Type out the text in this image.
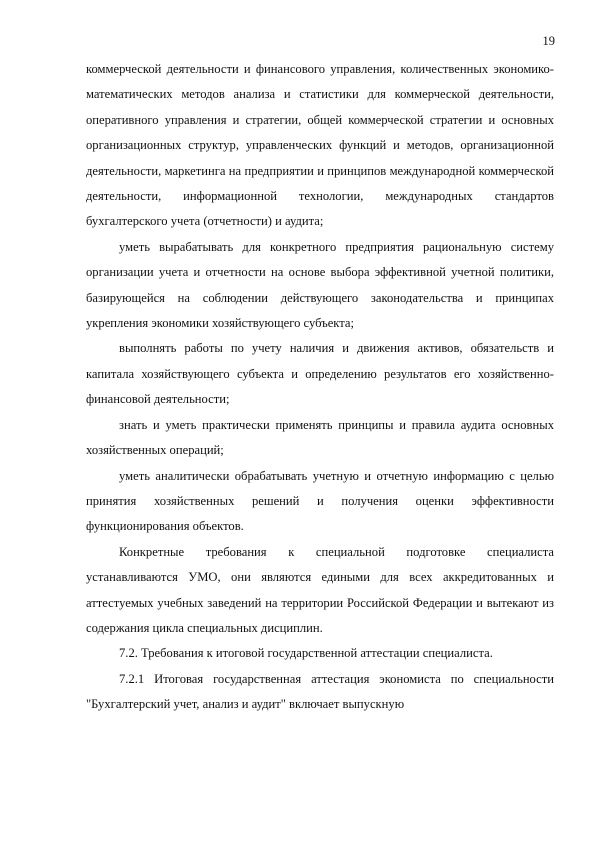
19

коммерческой деятельности и финансового управления, количественных экономико-математических методов анализа и статистики для коммерческой деятельности, оперативного управления и стратегии, общей коммерческой стратегии и основных организационных структур, управленческих функций и методов, организационной деятельности, маркетинга на предприятии и принципов международной коммерческой деятельности, информационной технологии, международных стандартов бухгалтерского учета (отчетности) и аудита;

уметь вырабатывать для конкретного предприятия рациональную систему организации учета и отчетности на основе выбора эффективной учетной политики, базирующейся на соблюдении действующего законодательства и принципах укрепления экономики хозяйствующего субъекта;

выполнять работы по учету наличия и движения активов, обязательств и капитала хозяйствующего субъекта и определению результатов его хозяйственно-финансовой деятельности;

знать и уметь практически применять принципы и правила аудита основных хозяйственных операций;

уметь аналитически обрабатывать учетную и отчетную информацию с целью принятия хозяйственных решений и получения оценки эффективности функционирования объектов.

Конкретные требования к специальной подготовке специалиста устанавливаются УМО, они являются едиными для всех аккредитованных и аттестуемых учебных заведений на территории Российской Федерации и вытекают из содержания цикла специальных дисциплин.

7.2. Требования к итоговой государственной аттестации специалиста.

7.2.1 Итоговая государственная аттестация экономиста по специальности "Бухгалтерский учет, анализ и аудит" включает выпускную
